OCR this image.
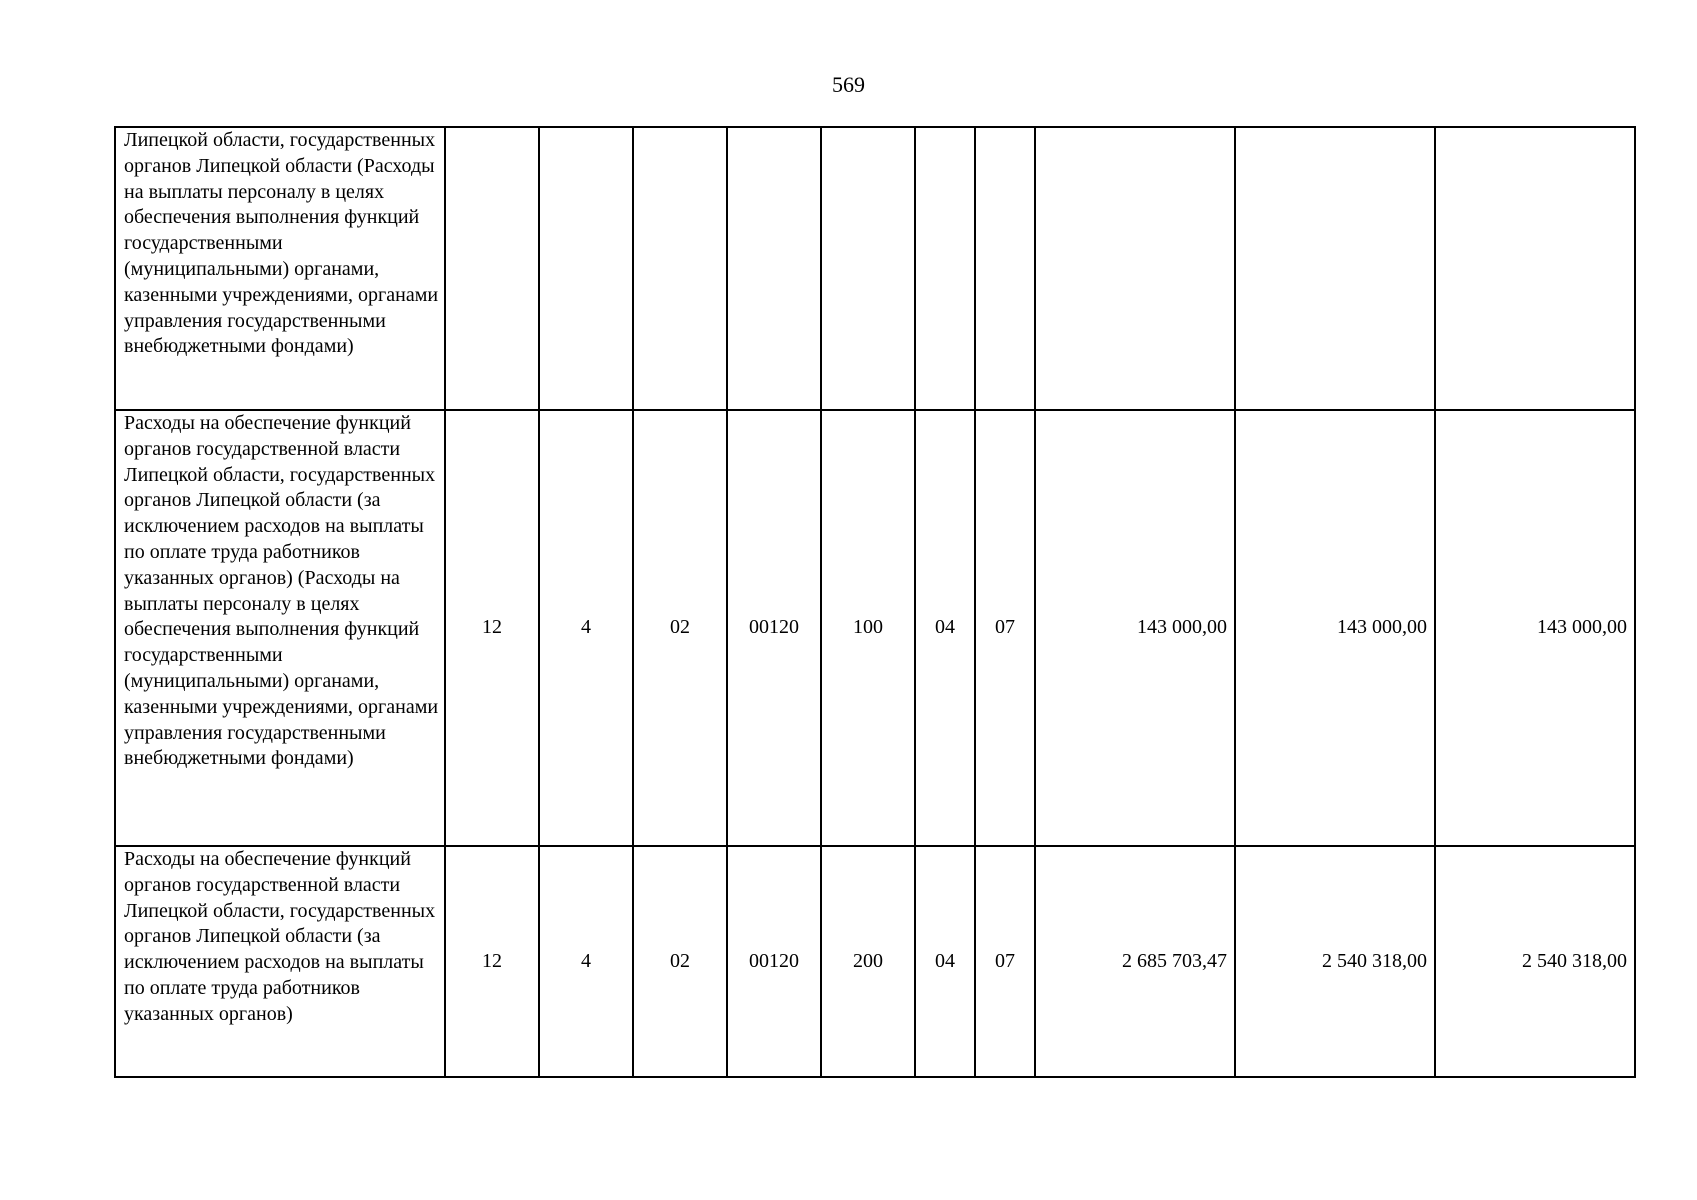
569
Липецкой области, государственных органов Липецкой области (Расходы на выплаты персоналу в целях обеспечения выполнения функций государственными (муниципальными) органами, казенными учреждениями, органами управления государственными внебюджетными фондами)										
Расходы на обеспечение функций органов государственной власти Липецкой области, государственных органов Липецкой области (за исключением расходов на выплаты по оплате труда работников указанных органов) (Расходы на выплаты персоналу в целях обеспечения выполнения функций государственными (муниципальными) органами, казенными учреждениями, органами управления государственными внебюджетными фондами)	12	4	02	00120	100	04	07	143 000,00	143 000,00	143 000,00
Расходы на обеспечение функций органов государственной власти Липецкой области, государственных органов Липецкой области (за исключением расходов на выплаты по оплате труда работников указанных органов)	12	4	02	00120	200	04	07	2 685 703,47	2 540 318,00	2 540 318,00
